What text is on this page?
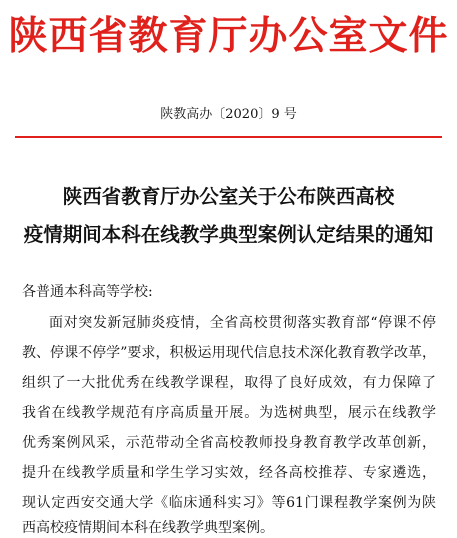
陕西省教育厅办公室文件
陕教高办〔2020〕9 号
陕西省教育厅办公室关于公布陕西高校
疫情期间本科在线教学典型案例认定结果的通知
各普通本科高等学校:
面对突发新冠肺炎疫情，全省高校贯彻落实教育部“停课不停
教、停课不停学”要求，积极运用现代信息技术深化教育教学改革，
组织了一大批优秀在线教学课程，取得了良好成效，有力保障了
我省在线教学规范有序高质量开展。为选树典型，展示在线教学
优秀案例风采，示范带动全省高校教师投身教育教学改革创新，
提升在线教学质量和学生学习实效，经各高校推荐、专家遴选，
现认定西安交通大学《临床通科实习》等61门课程教学案例为陕
西高校疫情期间本科在线教学典型案例。
